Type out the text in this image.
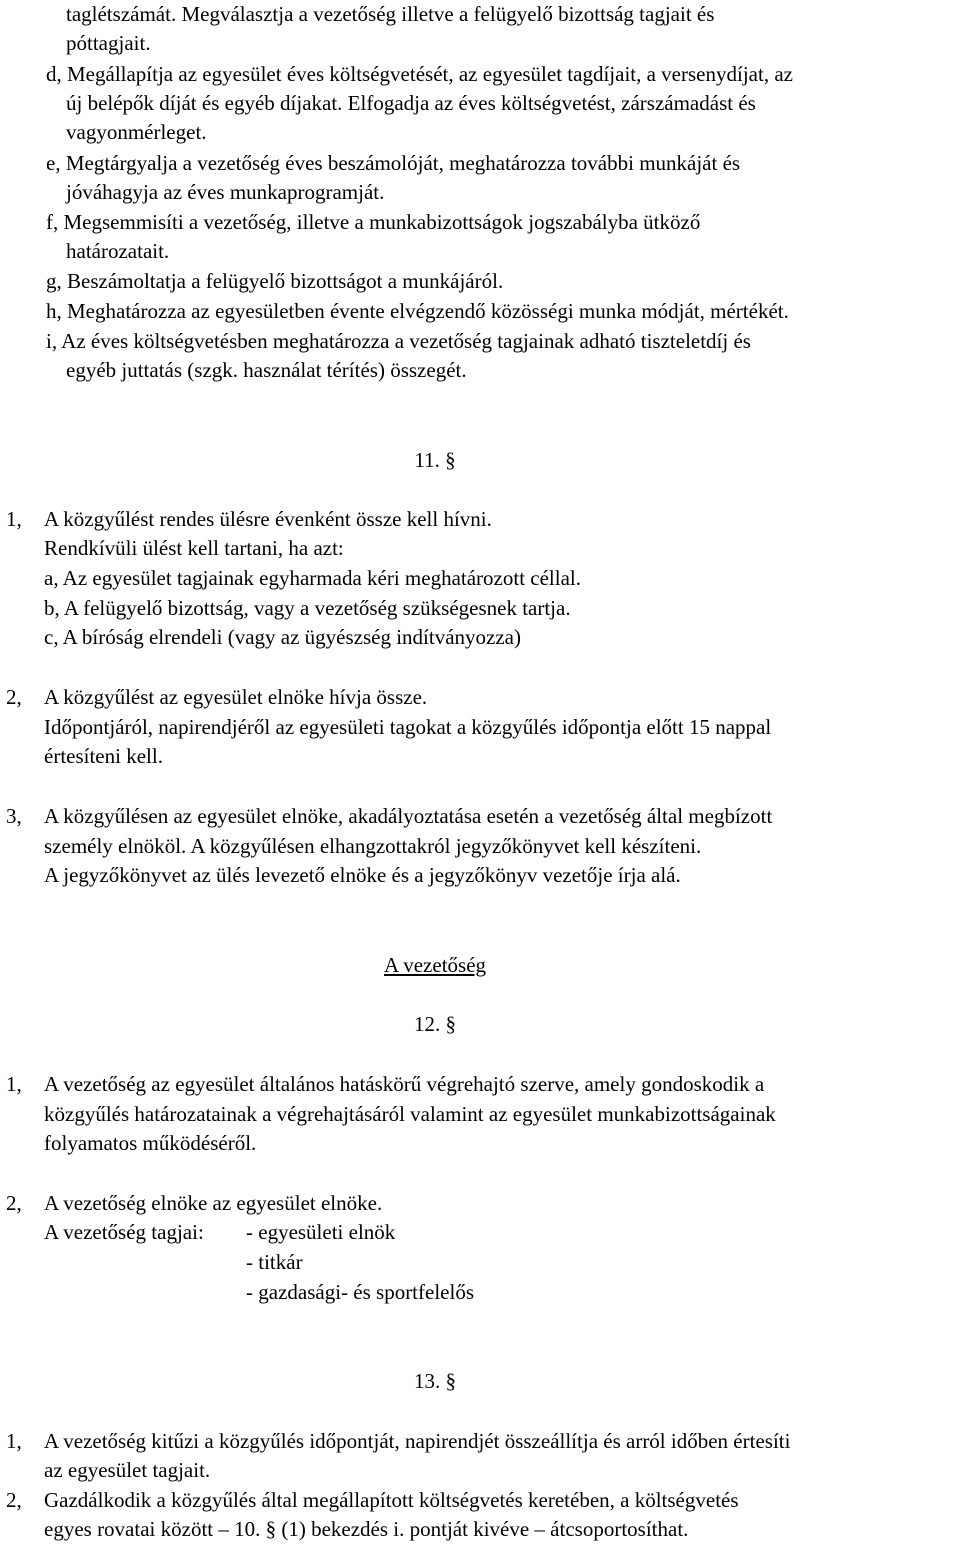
taglétszámát. Megválasztja a vezetőség illetve a felügyelő bizottság tagjait és
póttagjait.
d, Megállapítja az egyesület éves költségvetését, az egyesület tagdíjait, a versenydíjat, az
új belépők díját és egyéb díjakat. Elfogadja az éves költségvetést, zárszámadást és
vagyonmérleget.
e, Megtárgyalja a vezetőség éves beszámolóját, meghatározza további munkáját és
jóváhagyja az éves munkaprogramját.
f, Megsemmisíti a vezetőség, illetve a munkabizottságok jogszabályba ütköző
határozatait.
g, Beszámoltatja a felügyelő bizottságot a munkájáról.
h, Meghatározza az egyesületben évente elvégzendő közösségi munka módját, mértékét.
i, Az éves költségvetésben meghatározza a vezetőség tagjainak adható tiszteletdíj és
egyéb juttatás (szgk. használat térítés) összegét.
11. §
1, A közgyűlést rendes ülésre évenként össze kell hívni.
Rendkívüli ülést kell tartani, ha azt:
a, Az egyesület tagjainak egyharmada kéri meghatározott céllal.
b, A felügyelő bizottság, vagy a vezetőség szükségesnek tartja.
c, A bíróság elrendeli (vagy az ügyészség indítványozza)
2, A közgyűlést az egyesület elnöke hívja össze.
Időpontjáról, napirendjéről az egyesületi tagokat a közgyűlés időpontja előtt 15 nappal
értesíteni kell.
3, A közgyűlésen az egyesület elnöke, akadályoztatása esetén a vezetőség által megbízott
személy elnököl. A közgyűlésen elhangzottakról jegyzőkönyvet kell készíteni.
A jegyzőkönyvet az ülés levezető elnöke és a jegyzőkönyv vezetője írja alá.
A vezetőség
12. §
1, A vezetőség az egyesület általános hatáskörű végrehajtó szerve, amely gondoskodik a
közgyűlés határozatainak a végrehajtásáról valamint az egyesület munkabizottságainak
folyamatos működéséről.
2, A vezetőség elnöke az egyesület elnöke.
A vezetőség tagjai: - egyesületi elnök
- titkár
- gazdasági- és sportfelelős
13. §
1, A vezetőség kitűzi a közgyűlés időpontját, napirendjét összeállítja és arról időben értesíti
az egyesület tagjait.
2, Gazdálkodik a közgyűlés által megállapított költségvetés keretében, a költségvetés
egyes rovatai között – 10. § (1) bekezdés i. pontját kivéve – átcsoportosíthat.
